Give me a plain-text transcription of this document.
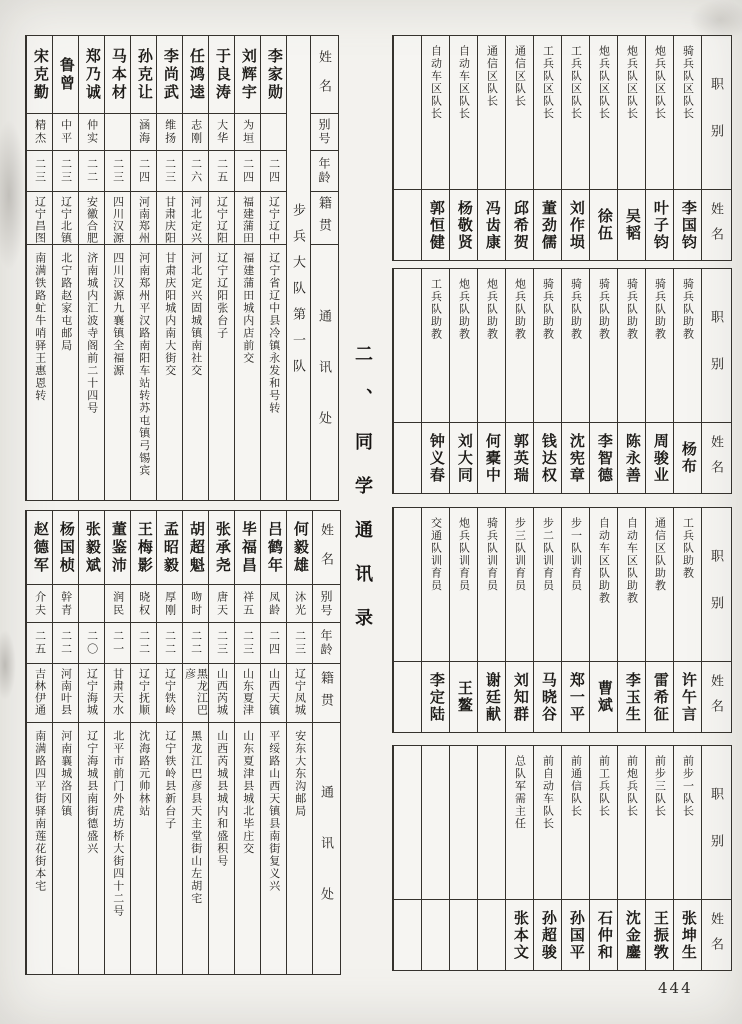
李家勋
二四
辽宁辽中
辽宁省辽中县冷镇永发和号转
刘辉宇
为垣
二四
福建蒲田
福建蒲田城内店前交
于良涛
大华
二五
辽宁辽阳
辽宁辽阳张台子
任鸿逵
志刚
二六
河北定兴
河北定兴固城镇南社交
李尚武
维扬
二三
甘肃庆阳
甘肃庆阳城内南大街交
孙克让
涵海
二四
河南郑州
河南郑州平汉路南阳车站转苏屯镇弓锡宾
马本材
二三
四川汉源
四川汉源九襄镇全福源
郑乃诚
仲实
二二
安徽合肥
济南城内汇波寺阁前二十四号
鲁曾
中平
二三
辽宁北镇
北宁路赵家屯邮局
宋克勤
精杰
二三
辽宁昌图
南满铁路虻牛哨驿王惠恩转	步兵大队第一队
姓名
别号
年龄
籍贯
通讯处
何毅雄
沐光
二三
辽宁凤城
安东大东沟邮局
吕鹤年
凤龄
二四
山西天镇
平绥路山西天镇县南街复义兴
毕福昌
祥五
二三
山东夏津
山东夏津县城北毕庄交
张承尧
唐天
二三
山西芮城
山西芮城县城内和盛积号
胡超魁
吻时
二二
黑龙江巴彦
黑龙江巴彦县天主堂街山左胡宅
孟昭毅
厚刚
二二
辽宁铁岭
辽宁铁岭县新台子
王梅影
晓权
二二
辽宁抚顺
沈海路元帅林站
董鉴沛
润民
二一
甘肃天水
北平市前门外虎坊桥大街四十二号
张毅斌
二〇
辽宁海城
辽宁海城县南街德盛兴
杨国桢
幹青
二二
河南叶县
河南襄城洛冈镇
赵德军
介夫
二五
吉林伊通
南满路四平街驿南莲花街本宅
姓名
别号
年龄
籍贯
通讯处
二、同学通讯录
骑兵队区队长
李国钧
炮兵队区队长
叶子钧
炮兵队区队长
吴韬
炮兵队区队长
徐伍
工兵队区队长
刘作埙
工兵队区队长
董劲儒
通信区队长
邱希贺
通信区队长
冯齿康
自动车区队长
杨敬贤
自动车区队长
郭恒健
职别
姓名
骑兵队助教
杨布
骑兵队助教
周骏业
骑兵队助教
陈永善
骑兵队助教
李智德
骑兵队助教
沈宪章
骑兵队助教
钱达权
炮兵队助教
郭英瑞
炮兵队助教
何橐中
炮兵队助教
刘大同
工兵队助教
钟义春
职别
姓名
工兵队助教
许午言
通信区队助教
雷希征
自动车区队助教
李玉生
自动车区队助教
曹斌
步一队训育员
郑一平
步二队训育员
马晓谷
步三队训育员
刘知群
骑兵队训育员
谢廷献
炮兵队训育员
王鳌
交通队训育员
李定陆
职别
姓名
前步一队长
张坤生
前步三队长
王振敩
前炮兵队长
沈金鏖
前工兵队长
石仲和
前通信队长
孙国平
前自动车队长
孙超骏
总队军需主任
张本文
职别
姓名
444
